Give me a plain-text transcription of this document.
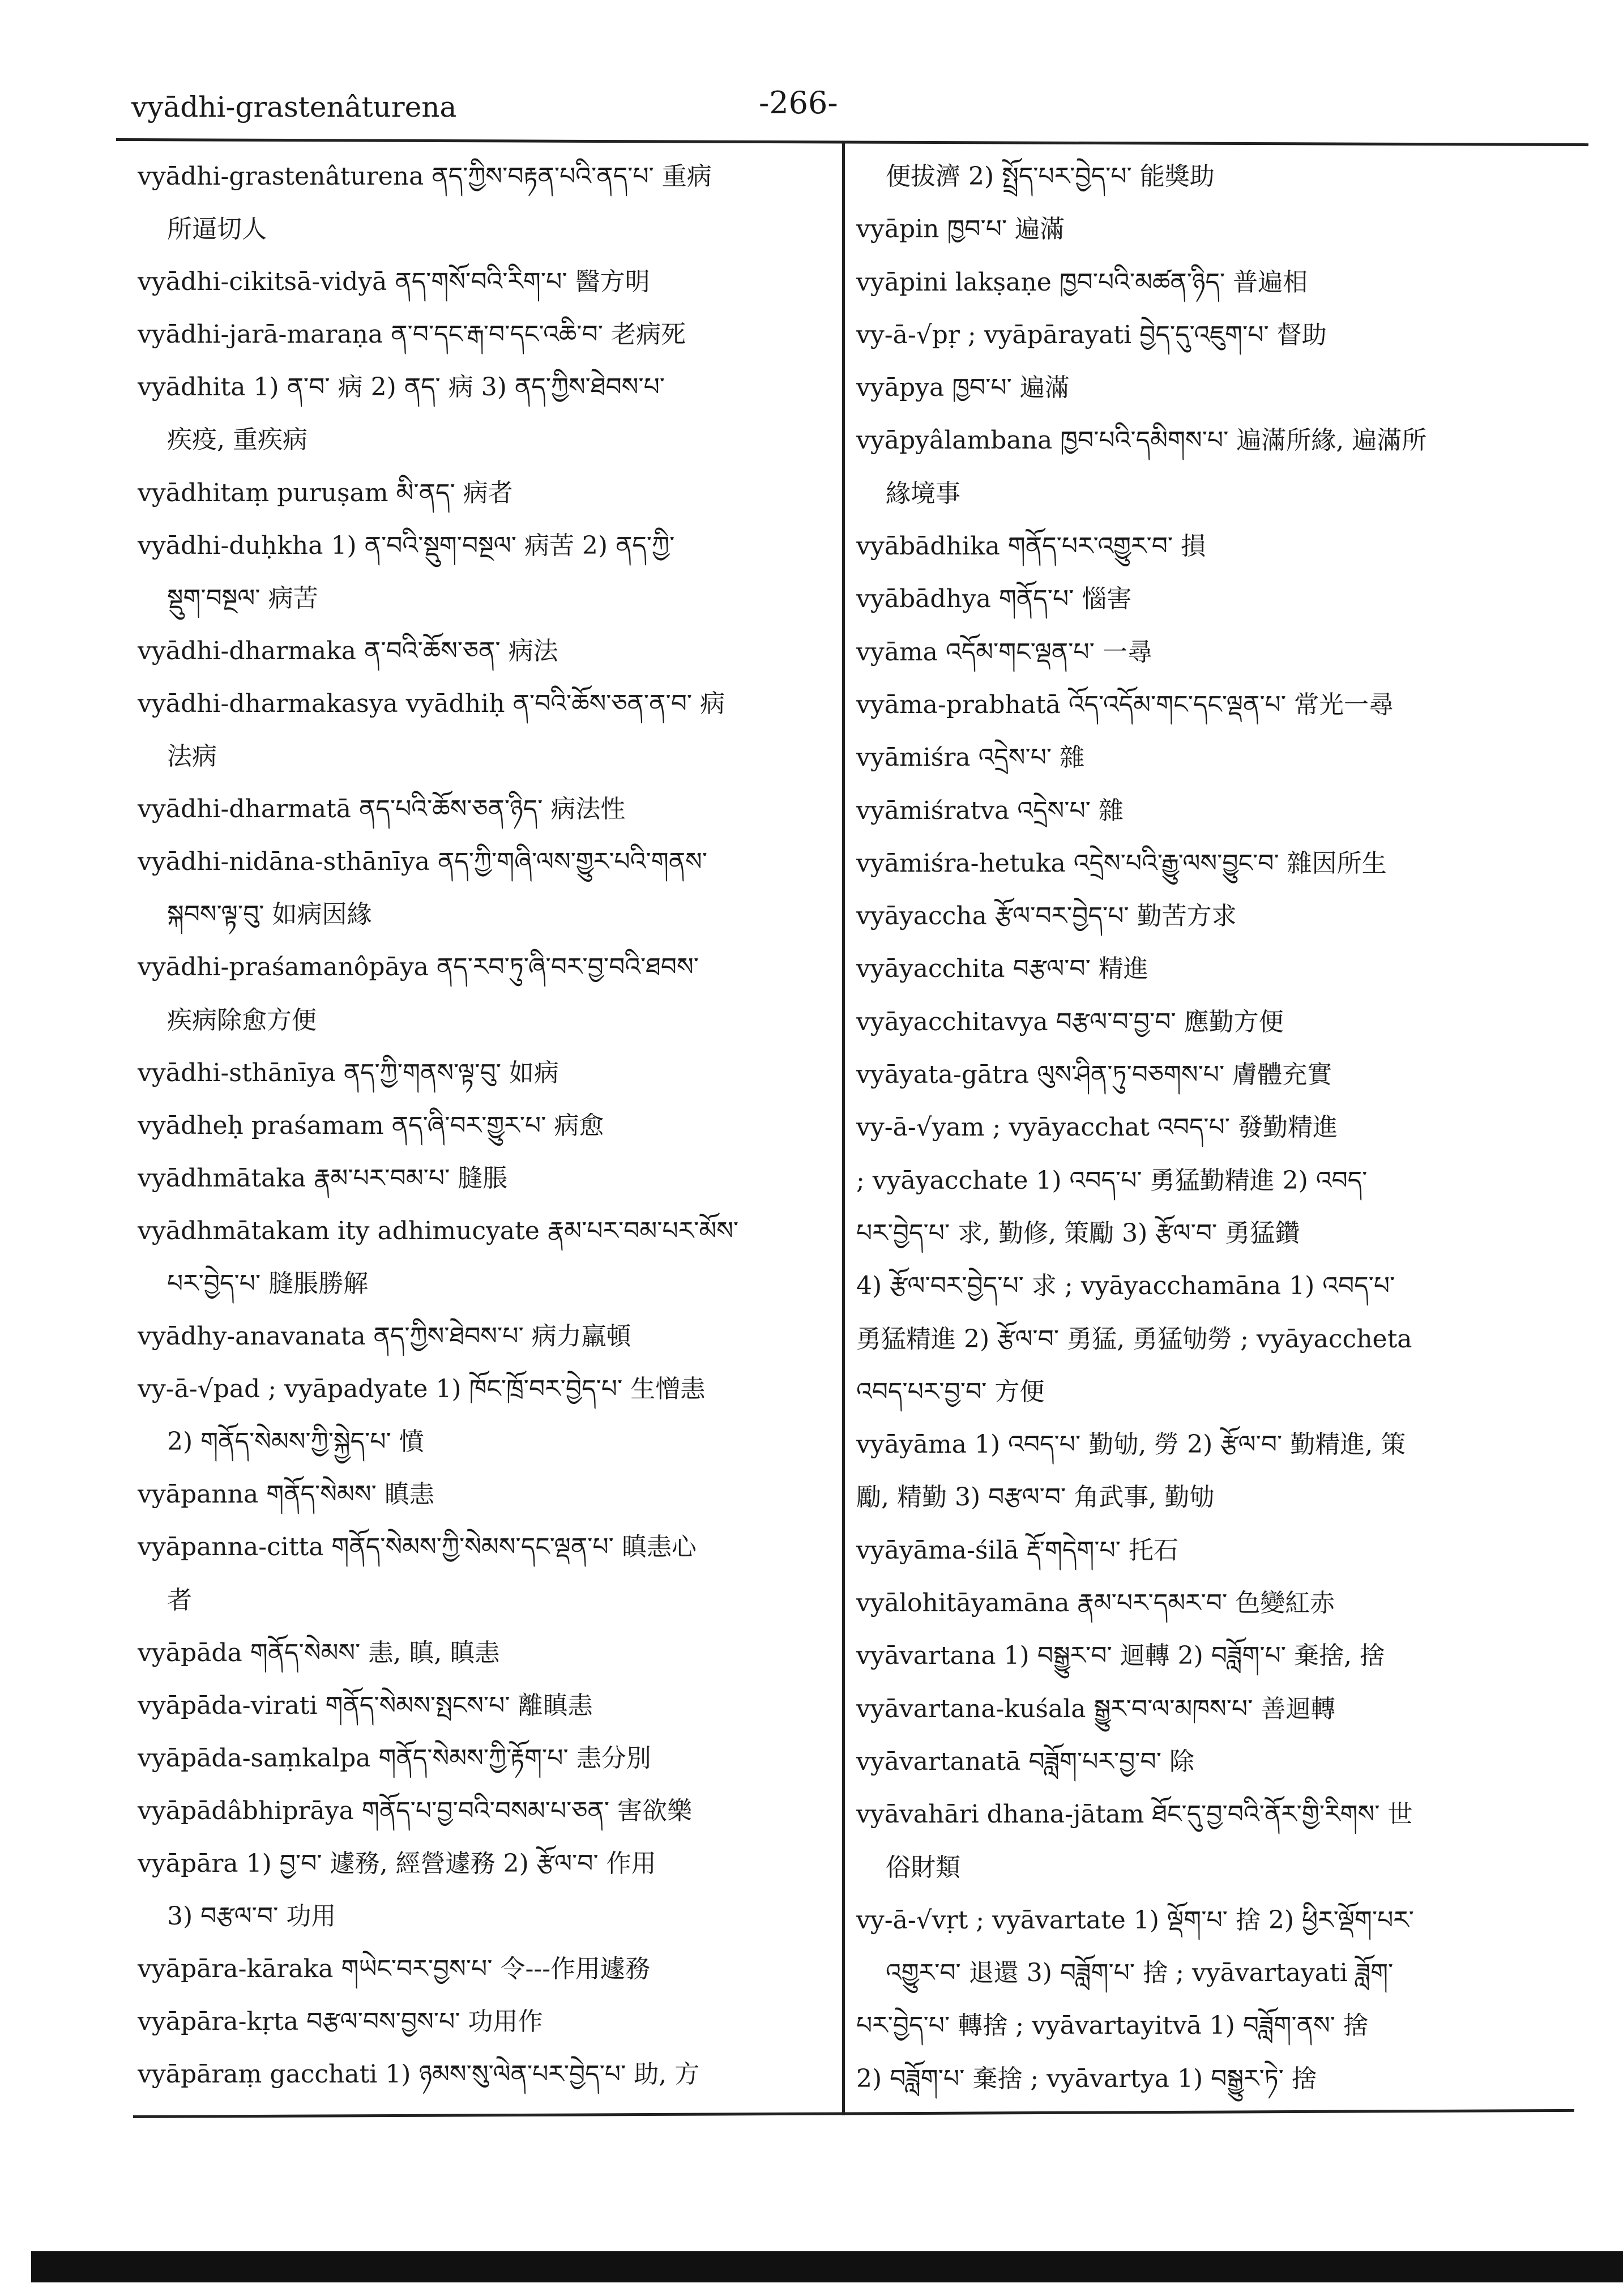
vyādhi-grastenâturena	-266-
vyādhi-grastenâturena ནད་ཀྱིས་བརྟན་པའི་ནད་པ་ 重病
所逼切人
vyādhi-cikitsā-vidyā ནད་གསོ་བའི་རིག་པ་ 醫方明
vyādhi-jarā-maraṇa ན་བ་དང་རྒ་བ་དང་འཆི་བ་ 老病死
vyādhita 1) ན་བ་ 病 2) ནད་ 病 3) ནད་ཀྱིས་ཐེབས་པ་
疾疫, 重疾病
vyādhitaṃ puruṣam མི་ནད་ 病者
vyādhi-duḥkha 1) ན་བའི་སྡུག་བསྔལ་ 病苦 2) ནད་ཀྱི་
སྡུག་བསྔལ་ 病苦
vyādhi-dharmaka ན་བའི་ཆོས་ཅན་ 病法
vyādhi-dharmakasya vyādhiḥ ན་བའི་ཆོས་ཅན་ན་བ་ 病
法病
vyādhi-dharmatā ནད་པའི་ཆོས་ཅན་ཉིད་ 病法性
vyādhi-nidāna-sthānīya ནད་ཀྱི་གཞི་ལས་གྱུར་པའི་གནས་
སྐབས་ལྟ་བུ་ 如病因緣
vyādhi-praśamanôpāya ནད་རབ་ཏུ་ཞི་བར་བྱ་བའི་ཐབས་
疾病除愈方便
vyādhi-sthānīya ནད་ཀྱི་གནས་ལྟ་བུ་ 如病
vyādheḥ praśamam ནད་ཞི་བར་གྱུར་པ་ 病愈
vyādhmātaka རྣམ་པར་བམ་པ་ 膖脹
vyādhmātakam ity adhimucyate རྣམ་པར་བམ་པར་མོས་
པར་བྱེད་པ་ 膖脹勝解
vyādhy-anavanata ནད་ཀྱིས་ཐེབས་པ་ 病力羸頓
vy-ā-√pad ; vyāpadyate 1) ཁོང་ཁྲོ་བར་བྱེད་པ་ 生憎恚
2) གནོད་སེམས་ཀྱི་སྐྱེད་པ་ 憤
vyāpanna གནོད་སེམས་ 瞋恚
vyāpanna-citta གནོད་སེམས་ཀྱི་སེམས་དང་ལྡན་པ་ 瞋恚心
者
vyāpāda གནོད་སེམས་ 恚, 瞋, 瞋恚
vyāpāda-virati གནོད་སེམས་སྤངས་པ་ 離瞋恚
vyāpāda-saṃkalpa གནོད་སེམས་ཀྱི་རྟོག་པ་ 恚分別
vyāpādâbhiprāya གནོད་པ་བྱ་བའི་བསམ་པ་ཅན་ 害欲樂
vyāpāra 1) བྱ་བ་ 遽務, 經營遽務 2) རྩོལ་བ་ 作用
3) བརྩལ་བ་ 功用
vyāpāra-kāraka གཡེང་བར་བྱས་པ་ 令---作用遽務
vyāpāra-kṛta བརྩལ་བས་བྱས་པ་ 功用作
vyāpāraṃ gacchati 1) ཉམས་སུ་ལེན་པར་བྱེད་པ་ 助, 方
便拔濟 2) སྤྲོད་པར་བྱེད་པ་ 能獎助
vyāpin ཁྱབ་པ་ 遍滿
vyāpini lakṣaṇe ཁྱབ་པའི་མཚན་ཉིད་ 普遍相
vy-ā-√pṛ ; vyāpārayati བྱེད་དུ་འཇུག་པ་ 督助
vyāpya ཁྱབ་པ་ 遍滿
vyāpyâlambana ཁྱབ་པའི་དམིགས་པ་ 遍滿所緣, 遍滿所
緣境事
vyābādhika གནོད་པར་འགྱུར་བ་ 損
vyābādhya གནོད་པ་ 惱害
vyāma འདོམ་གང་ལྡན་པ་ 一尋
vyāma-prabhatā འོད་འདོམ་གང་དང་ལྡན་པ་ 常光一尋
vyāmiśra འདྲེས་པ་ 雜
vyāmiśratva འདྲེས་པ་ 雜
vyāmiśra-hetuka འདྲེས་པའི་རྒྱུ་ལས་བྱུང་བ་ 雜因所生
vyāyaccha རྩོལ་བར་བྱེད་པ་ 勤苦方求
vyāyacchita བརྩལ་བ་ 精進
vyāyacchitavya བརྩལ་བ་བྱ་བ་ 應勤方便
vyāyata-gātra ལུས་ཤིན་ཏུ་བཅགས་པ་ 膚體充實
vy-ā-√yam ; vyāyacchat འབད་པ་ 發勤精進
; vyāyacchate 1) འབད་པ་ 勇猛勤精進 2) འབད་
པར་བྱེད་པ་ 求, 勤修, 策勵 3) རྩོལ་བ་ 勇猛鑽
4) རྩོལ་བར་བྱེད་པ་ 求 ; vyāyacchamāna 1) འབད་པ་
勇猛精進 2) རྩོལ་བ་ 勇猛, 勇猛劬勞 ; vyāyaccheta
འབད་པར་བྱ་བ་ 方便
vyāyāma 1) འབད་པ་ 勤劬, 勞 2) རྩོལ་བ་ 勤精進, 策
勵, 精勤 3) བརྩལ་བ་ 角武事, 勤劬
vyāyāma-śilā རྡོ་གདེག་པ་ 托石
vyālohitāyamāna རྣམ་པར་དམར་བ་ 色變紅赤
vyāvartana 1) བསྒྱུར་བ་ 迴轉 2) བཟློག་པ་ 棄捨, 捨
vyāvartana-kuśala སྒྱུར་བ་ལ་མཁས་པ་ 善迴轉
vyāvartanatā བཟློག་པར་བྱ་བ་ 除
vyāvahāri dhana-jātam ཐོང་དུ་བྱ་བའི་ནོར་གྱི་རིགས་ 世
俗財類
vy-ā-√vṛt ; vyāvartate 1) ལྡོག་པ་ 捨 2) ཕྱིར་ལྡོག་པར་
འགྱུར་བ་ 退還 3) བཟློག་པ་ 捨 ; vyāvartayati ཟློག་
པར་བྱེད་པ་ 轉捨 ; vyāvartayitvā 1) བཟློག་ནས་ 捨
2) བཟློག་པ་ 棄捨 ; vyāvartya 1) བསྒྱུར་ཏེ་ 捨
